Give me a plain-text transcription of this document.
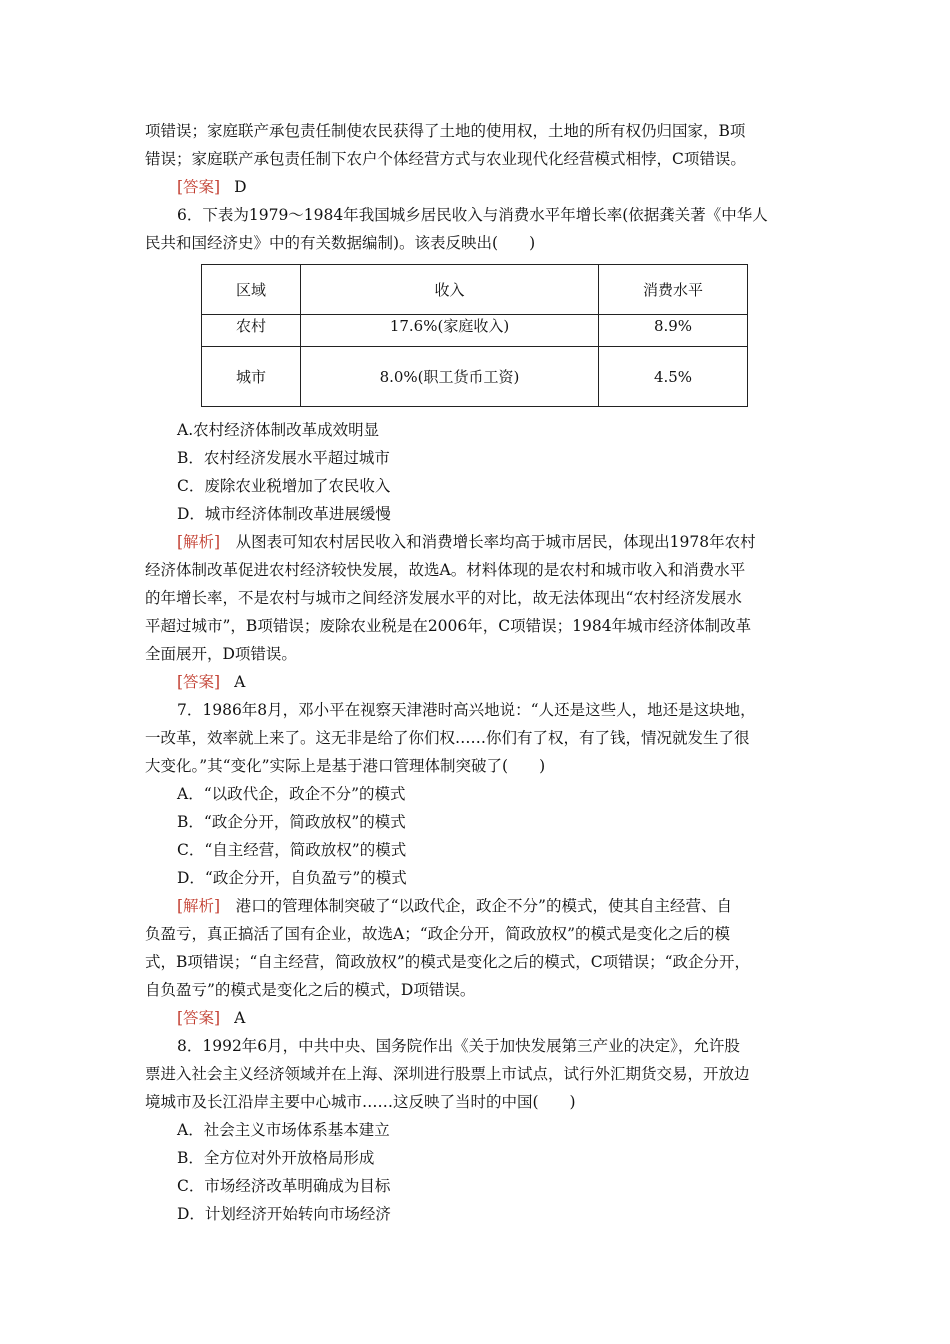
项错误；家庭联产承包责任制使农民获得了土地的使用权，土地的所有权仍归国家，B项
错误；家庭联产承包责任制下农户个体经营方式与农业现代化经营模式相悖，C项错误。
[答案] D
6．下表为1979～1984年我国城乡居民收入与消费水平年增长率(依据龚关著《中华人
民共和国经济史》中的有关数据编制)。该表反映出(　　)
区域	收入	消费水平
农村	17.6%(家庭收入)	8.9%
城市	8.0%(职工货币工资)	4.5%
A.农村经济体制改革成效明显
B．农村经济发展水平超过城市
C．废除农业税增加了农民收入
D．城市经济体制改革进展缓慢
[解析]　 从图表可知农村居民收入和消费增长率均高于城市居民，体现出1978年农村
经济体制改革促进农村经济较快发展，故选A。材料体现的是农村和城市收入和消费水平
的年增长率，不是农村与城市之间经济发展水平的对比，故无法体现出“农村经济发展水
平超过城市”，B项错误；废除农业税是在2006年，C项错误；1984年城市经济体制改革
全面展开，D项错误。
[答案] A
7．1986年8月，邓小平在视察天津港时高兴地说：“人还是这些人，地还是这块地，
一改革，效率就上来了。这无非是给了你们权……你们有了权，有了钱，情况就发生了很
大变化。”其“变化”实际上是基于港口管理体制突破了(　　)
A．“以政代企，政企不分”的模式
B．“政企分开，简政放权”的模式
C．“自主经营，简政放权”的模式
D．“政企分开，自负盈亏”的模式
[解析]　 港口的管理体制突破了“以政代企，政企不分”的模式，使其自主经营、自
负盈亏，真正搞活了国有企业，故选A；“政企分开，简政放权”的模式是变化之后的模
式，B项错误；“自主经营，简政放权”的模式是变化之后的模式，C项错误；“政企分开，
自负盈亏”的模式是变化之后的模式，D项错误。
[答案] A
8．1992年6月，中共中央、国务院作出《关于加快发展第三产业的决定》，允许股
票进入社会主义经济领域并在上海、深圳进行股票上市试点，试行外汇期货交易，开放边
境城市及长江沿岸主要中心城市……这反映了当时的中国(　　)
A．社会主义市场体系基本建立
B．全方位对外开放格局形成
C．市场经济改革明确成为目标
D．计划经济开始转向市场经济
